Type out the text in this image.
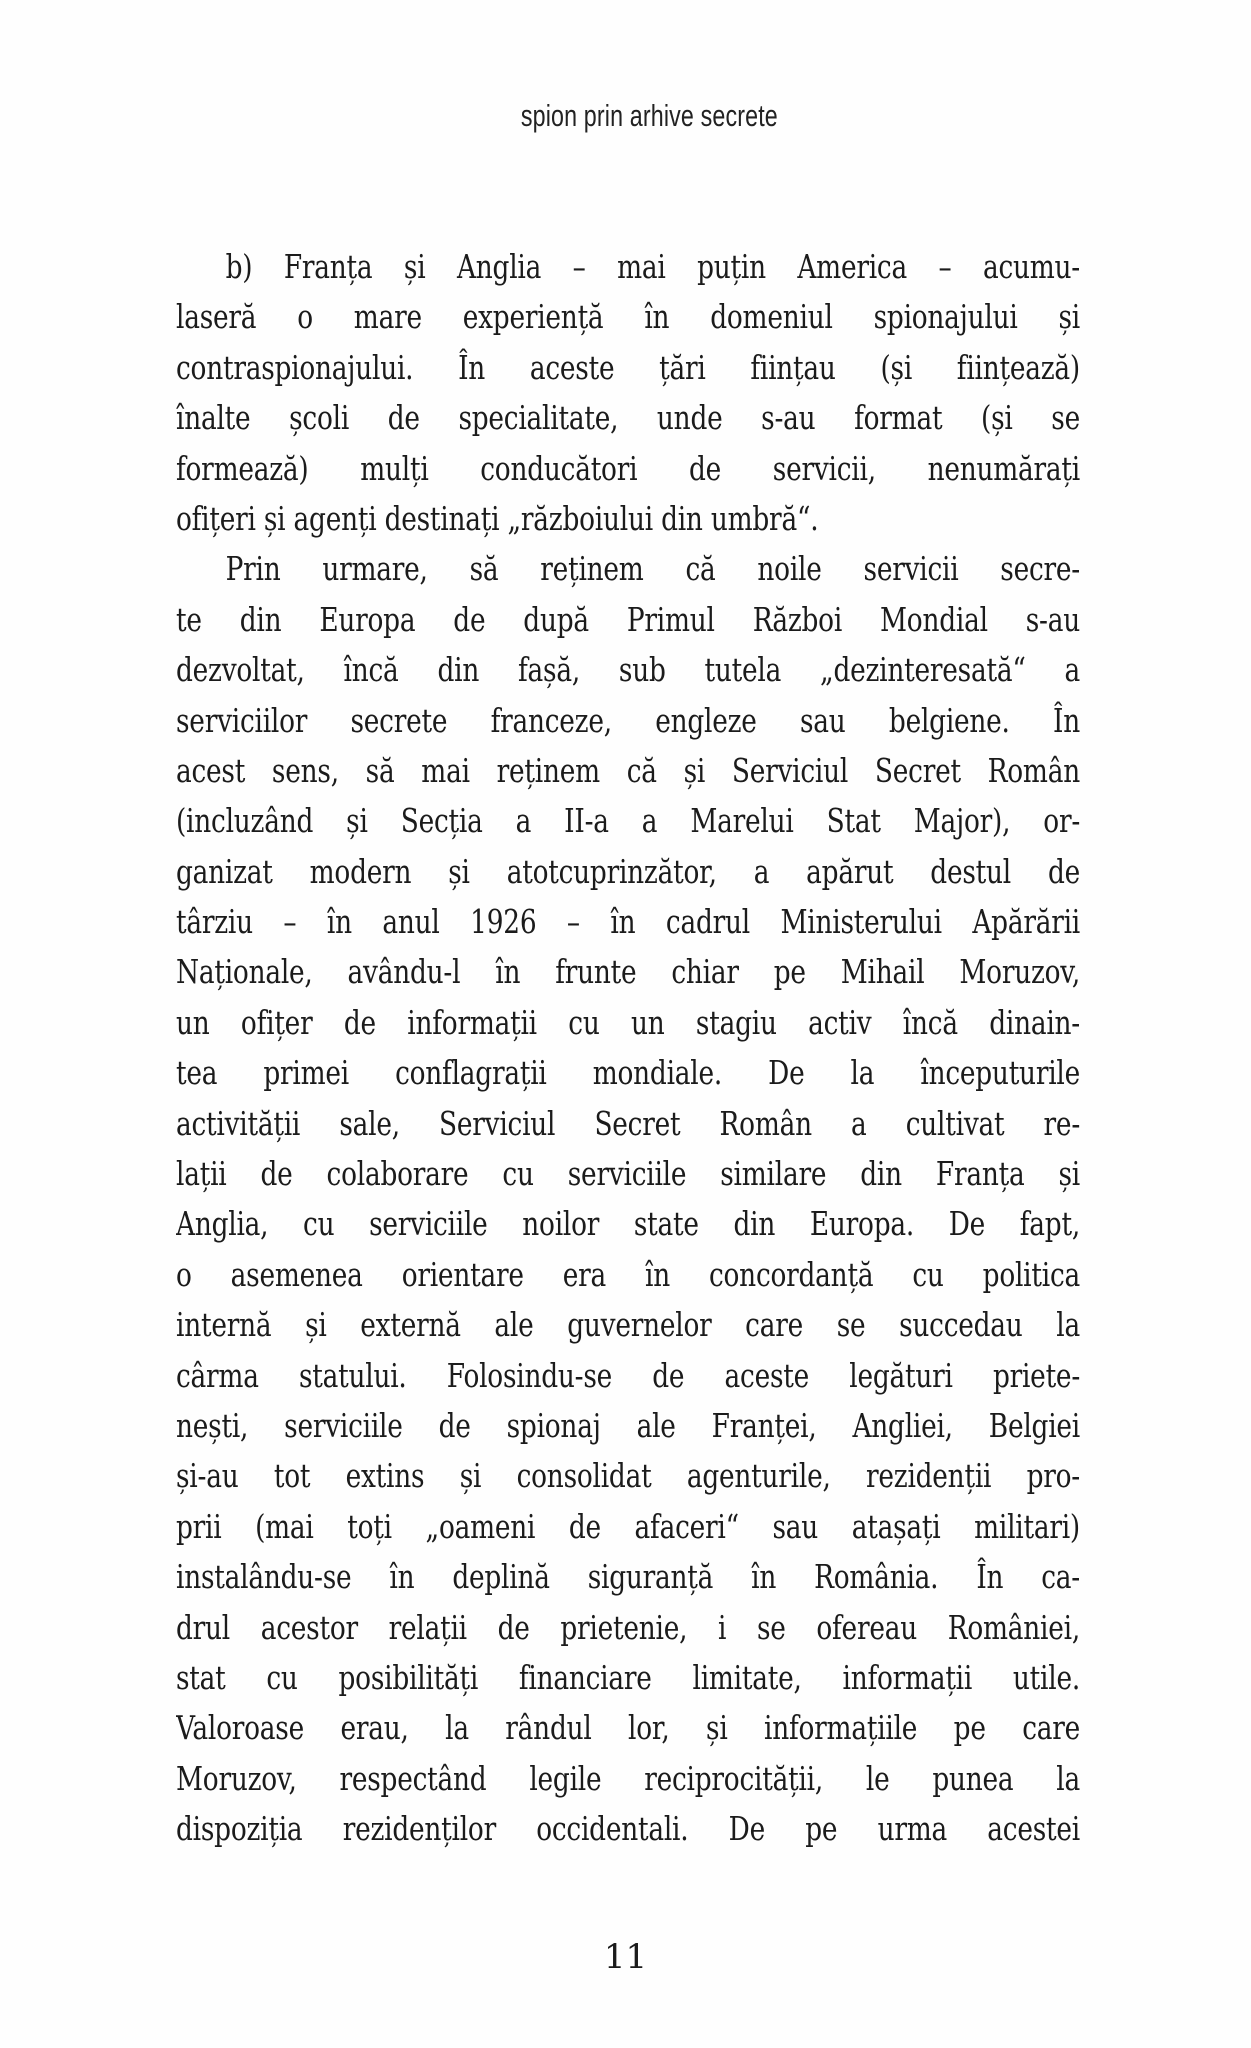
spion prin arhive secrete
b) Franța și Anglia – mai puțin America – acumu-
laseră o mare experiență în domeniul spionajului și
contraspionajului. În aceste țări ființau (și ființează)
înalte școli de specialitate, unde s-au format (și se
formează) mulți conducători de servicii, nenumărați
ofițeri și agenți destinați „războiului din umbră“.
Prin urmare, să reținem că noile servicii secre-
te din Europa de după Primul Război Mondial s-au
dezvoltat, încă din fașă, sub tutela „dezinteresată“ a
serviciilor secrete franceze, engleze sau belgiene. În
acest sens, să mai reținem că și Serviciul Secret Român
(incluzând și Secția a II-a a Marelui Stat Major), or-
ganizat modern și atotcuprinzător, a apărut destul de
târziu – în anul 1926 – în cadrul Ministerului Apărării
Naționale, avându-l în frunte chiar pe Mihail Moruzov,
un ofițer de informații cu un stagiu activ încă dinain-
tea primei conflagrații mondiale. De la începuturile
activității sale, Serviciul Secret Român a cultivat re-
lații de colaborare cu serviciile similare din Franța și
Anglia, cu serviciile noilor state din Europa. De fapt,
o asemenea orientare era în concordanță cu politica
internă și externă ale guvernelor care se succedau la
cârma statului. Folosindu-se de aceste legături priete-
nești, serviciile de spionaj ale Franței, Angliei, Belgiei
și-au tot extins și consolidat agenturile, rezidenții pro-
prii (mai toți „oameni de afaceri“ sau atașați militari)
instalându-se în deplină siguranță în România. În ca-
drul acestor relații de prietenie, i se ofereau României,
stat cu posibilități financiare limitate, informații utile.
Valoroase erau, la rândul lor, și informațiile pe care
Moruzov, respectând legile reciprocității, le punea la
dispoziția rezidenților occidentali. De pe urma acestei
11
